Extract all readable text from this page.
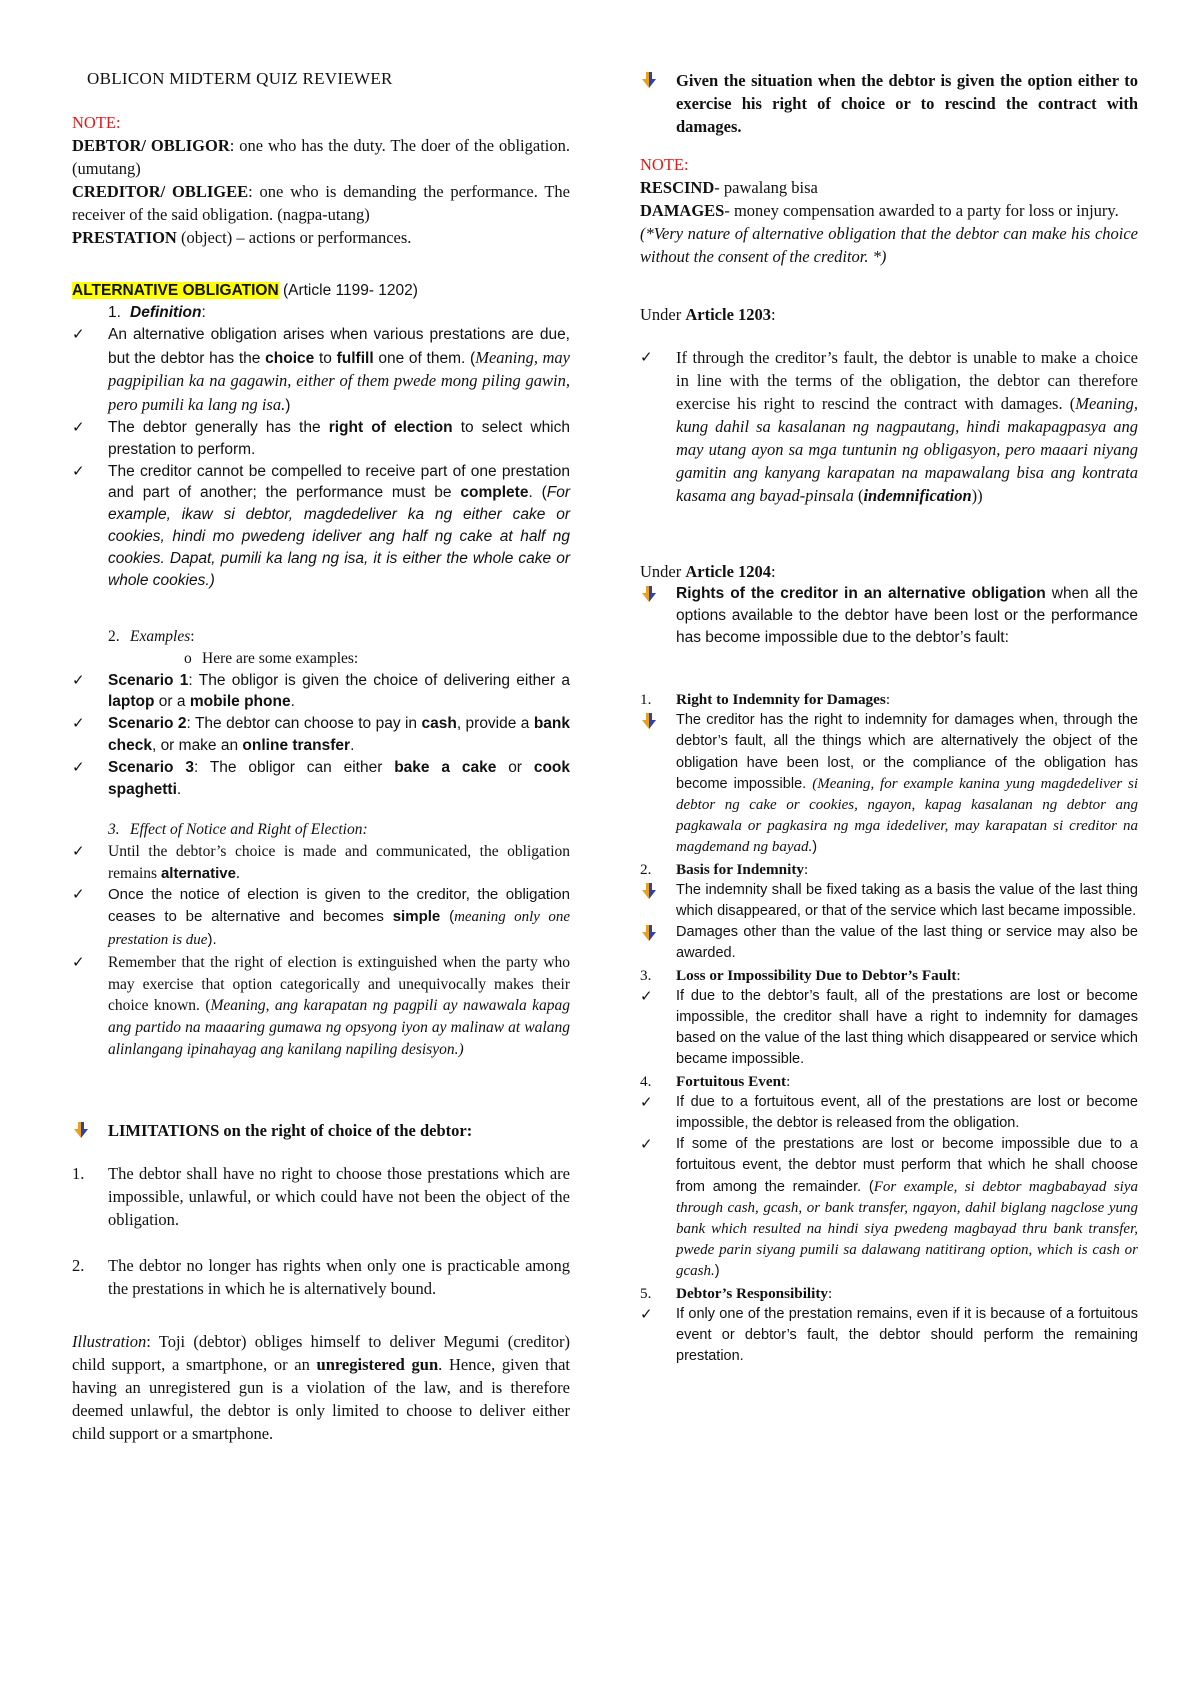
OBLICON MIDTERM QUIZ REVIEWER
NOTE:
DEBTOR/ OBLIGOR: one who has the duty. The doer of the obligation. (umutang)
CREDITOR/ OBLIGEE: one who is demanding the performance. The receiver of the said obligation. (nagpa-utang)
PRESTATION (object) – actions or performances.
ALTERNATIVE OBLIGATION (Article 1199- 1202)
1. Definition:
✓	An alternative obligation arises when various prestations are due, but the debtor has the choice to fulfill one of them. (Meaning, may pagpipilian ka na gagawin, either of them pwede mong piling gawin, pero pumili ka lang ng isa.)
✓	The debtor generally has the right of election to select which prestation to perform.
✓	The creditor cannot be compelled to receive part of one prestation and part of another; the performance must be complete. (For example, ikaw si debtor, magdedeliver ka ng either cake or cookies, hindi mo pwedeng ideliver ang half ng cake at half ng cookies. Dapat, pumili ka lang ng isa, it is either the whole cake or whole cookies.)
2. Examples:
o Here are some examples:
✓	Scenario 1: The obligor is given the choice of delivering either a laptop or a mobile phone.
✓	Scenario 2: The debtor can choose to pay in cash, provide a bank check, or make an online transfer.
✓	Scenario 3: The obligor can either bake a cake or cook spaghetti.
3. Effect of Notice and Right of Election:
✓	Until the debtor’s choice is made and communicated, the obligation remains alternative.
✓	Once the notice of election is given to the creditor, the obligation ceases to be alternative and becomes simple (meaning only one prestation is due).
✓	Remember that the right of election is extinguished when the party who may exercise that option categorically and unequivocally makes their choice known. (Meaning, ang karapatan ng pagpili ay nawawala kapag ang partido na maaaring gumawa ng opsyong iyon ay malinaw at walang alinlangang ipinahayag ang kanilang napiling desisyon.)
LIMITATIONS on the right of choice of the debtor:
1.	The debtor shall have no right to choose those prestations which are impossible, unlawful, or which could have not been the object of the obligation.
2.	The debtor no longer has rights when only one is practicable among the prestations in which he is alternatively bound.
Illustration: Toji (debtor) obliges himself to deliver Megumi (creditor) child support, a smartphone, or an unregistered gun. Hence, given that having an unregistered gun is a violation of the law, and is therefore deemed unlawful, the debtor is only limited to choose to deliver either child support or a smartphone.
Given the situation when the debtor is given the option either to exercise his right of choice or to rescind the contract with damages.
NOTE:
RESCIND- pawalang bisa
DAMAGES- money compensation awarded to a party for loss or injury.
(*Very nature of alternative obligation that the debtor can make his choice without the consent of the creditor. *)
Under Article 1203:
✓	If through the creditor’s fault, the debtor is unable to make a choice in line with the terms of the obligation, the debtor can therefore exercise his right to rescind the contract with damages. (Meaning, kung dahil sa kasalanan ng nagpautang, hindi makapagpasya ang may utang ayon sa mga tuntunin ng obligasyon, pero maaari niyang gamitin ang kanyang karapatan na mapawalang bisa ang kontrata kasama ang bayad-pinsala (indemnification))
Under Article 1204:
Rights of the creditor in an alternative obligation when all the options available to the debtor have been lost or the performance has become impossible due to the debtor’s fault:
1.	Right to Indemnity for Damages:
The creditor has the right to indemnity for damages when, through the debtor’s fault, all the things which are alternatively the object of the obligation have been lost, or the compliance of the obligation has become impossible. (Meaning, for example kanina yung magdedeliver si debtor ng cake or cookies, ngayon, kapag kasalanan ng debtor ang pagkawala or pagkasira ng mga idedeliver, may karapatan si creditor na magdemand ng bayad.)
2.	Basis for Indemnity:
The indemnity shall be fixed taking as a basis the value of the last thing which disappeared, or that of the service which last became impossible.
Damages other than the value of the last thing or service may also be awarded.
3.	Loss or Impossibility Due to Debtor’s Fault:
✓	If due to the debtor’s fault, all of the prestations are lost or become impossible, the creditor shall have a right to indemnity for damages based on the value of the last thing which disappeared or service which became impossible.
4.	Fortuitous Event:
✓	If due to a fortuitous event, all of the prestations are lost or become impossible, the debtor is released from the obligation.
✓	If some of the prestations are lost or become impossible due to a fortuitous event, the debtor must perform that which he shall choose from among the remainder. (For example, si debtor magbabayad siya through cash, gcash, or bank transfer, ngayon, dahil biglang nagclose yung bank which resulted na hindi siya pwedeng magbayad thru bank transfer, pwede parin siyang pumili sa dalawang natitirang option, which is cash or gcash.)
5.	Debtor’s Responsibility:
✓	If only one of the prestation remains, even if it is because of a fortuitous event or debtor’s fault, the debtor should perform the remaining prestation.
